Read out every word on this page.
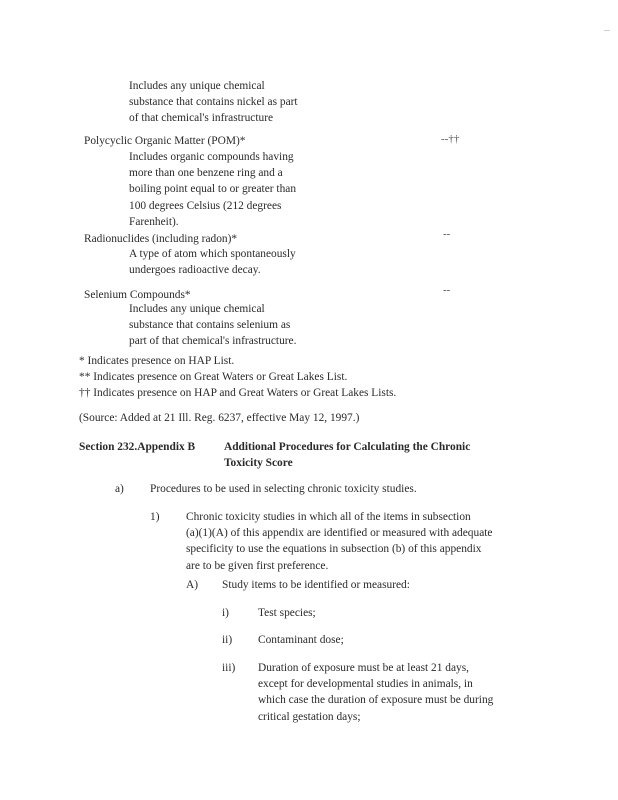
Includes any unique chemical
substance that contains nickel as part
of that chemical's infrastructure
Polycyclic Organic Matter (POM)*	--††
Includes organic compounds having
more than one benzene ring and a
boiling point equal to or greater than
100 degrees Celsius (212 degrees
Farenheit).
Radionuclides (including radon)*	--
A type of atom which spontaneously
undergoes radioactive decay.
Selenium Compounds*	--
Includes any unique chemical
substance that contains selenium as
part of that chemical's infrastructure.
* Indicates presence on HAP List.
** Indicates presence on Great Waters or Great Lakes List.
†† Indicates presence on HAP and Great Waters or Great Lakes Lists.
(Source: Added at 21 Ill. Reg. 6237, effective May 12, 1997.)
Section 232.Appendix B	Additional Procedures for Calculating the Chronic
Toxicity Score
a) Procedures to be used in selecting chronic toxicity studies.
1) Chronic toxicity studies in which all of the items in subsection
(a)(1)(A) of this appendix are identified or measured with adequate
specificity to use the equations in subsection (b) of this appendix
are to be given first preference.
A) Study items to be identified or measured:
i)	Test species;
ii) Contaminant dose;
iii) Duration of exposure must be at least 21 days,
except for developmental studies in animals, in
which case the duration of exposure must be during
critical gestation days;
